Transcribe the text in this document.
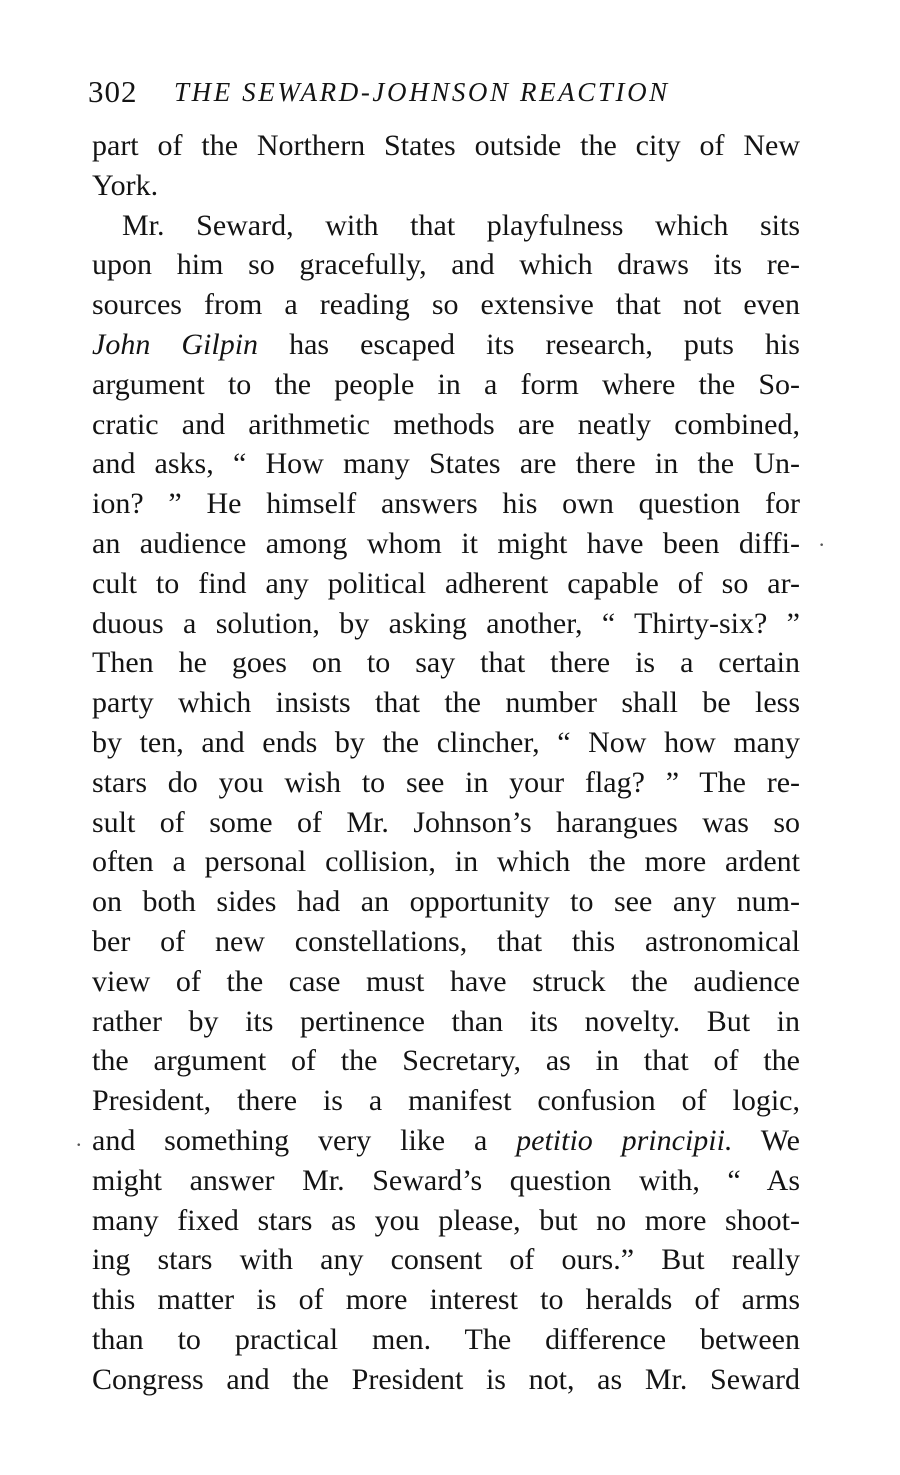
302 THE SEWARD-JOHNSON REACTION
part of the Northern States outside the city of New
York.
Mr. Seward, with that playfulness which sits
upon him so gracefully, and which draws its re-
sources from a reading so extensive that not even
John Gilpin has escaped its research, puts his
argument to the people in a form where the So-
cratic and arithmetic methods are neatly combined,
and asks, “ How many States are there in the Un-
ion? ” He himself answers his own question for
an audience among whom it might have been diffi-
cult to find any political adherent capable of so ar-
duous a solution, by asking another, “ Thirty-six? ”
Then he goes on to say that there is a certain
party which insists that the number shall be less
by ten, and ends by the clincher, “ Now how many
stars do you wish to see in your flag? ” The re-
sult of some of Mr. Johnson’s harangues was so
often a personal collision, in which the more ardent
on both sides had an opportunity to see any num-
ber of new constellations, that this astronomical
view of the case must have struck the audience
rather by its pertinence than its novelty. But in
the argument of the Secretary, as in that of the
President, there is a manifest confusion of logic,
and something very like a petitio principii. We
might answer Mr. Seward’s question with, “ As
many fixed stars as you please, but no more shoot-
ing stars with any consent of ours.” But really
this matter is of more interest to heralds of arms
than to practical men. The difference between
Congress and the President is not, as Mr. Seward
·
.
